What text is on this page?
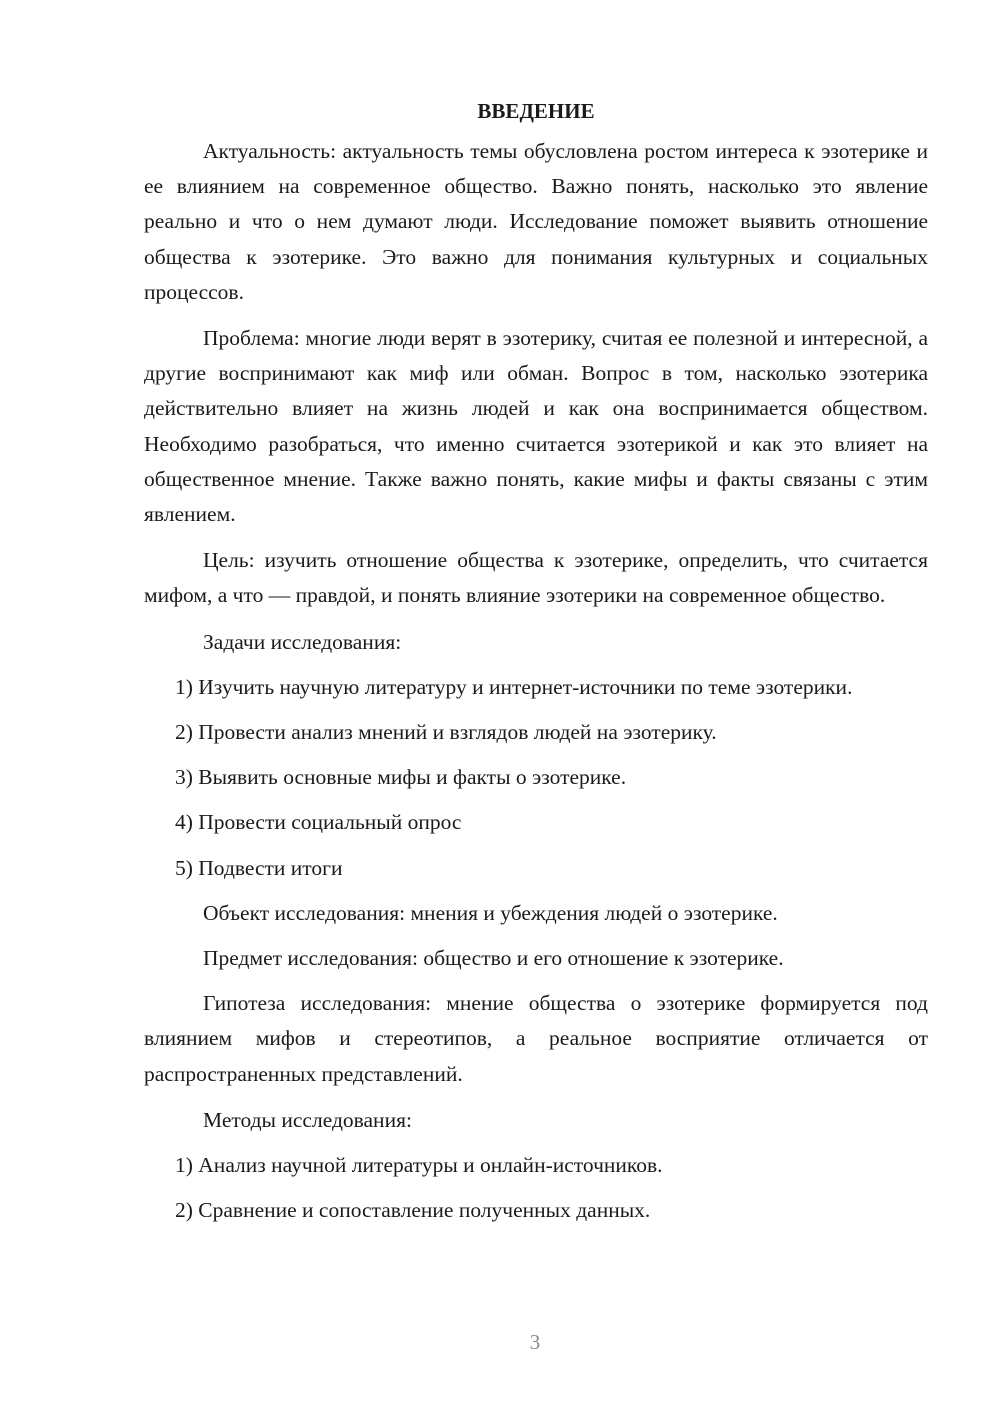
ВВЕДЕНИЕ

Актуальность: актуальность темы обусловлена ростом интереса к эзотерике и ее влиянием на современное общество. Важно понять, насколько это явление реально и что о нем думают люди. Исследование поможет выявить отношение общества к эзотерике. Это важно для понимания культурных и социальных процессов.

Проблема: многие люди верят в эзотерику, считая ее полезной и интересной, а другие воспринимают как миф или обман. Вопрос в том, насколько эзотерика действительно влияет на жизнь людей и как она воспринимается обществом. Необходимо разобраться, что именно считается эзотерикой и как это влияет на общественное мнение. Также важно понять, какие мифы и факты связаны с этим явлением.

Цель: изучить отношение общества к эзотерике, определить, что считается мифом, а что — правдой, и понять влияние эзотерики на современное общество.

Задачи исследования:

1) Изучить научную литературу и интернет-источники по теме эзотерики.

2) Провести анализ мнений и взглядов людей на эзотерику.

3) Выявить основные мифы и факты о эзотерике.

4) Провести социальный опрос

5) Подвести итоги

Объект исследования: мнения и убеждения людей о эзотерике.

Предмет исследования: общество и его отношение к эзотерике.

Гипотеза исследования: мнение общества о эзотерике формируется под влиянием мифов и стереотипов, а реальное восприятие отличается от распространенных представлений.

Методы исследования:

1) Анализ научной литературы и онлайн-источников.

2) Сравнение и сопоставление полученных данных.

3
